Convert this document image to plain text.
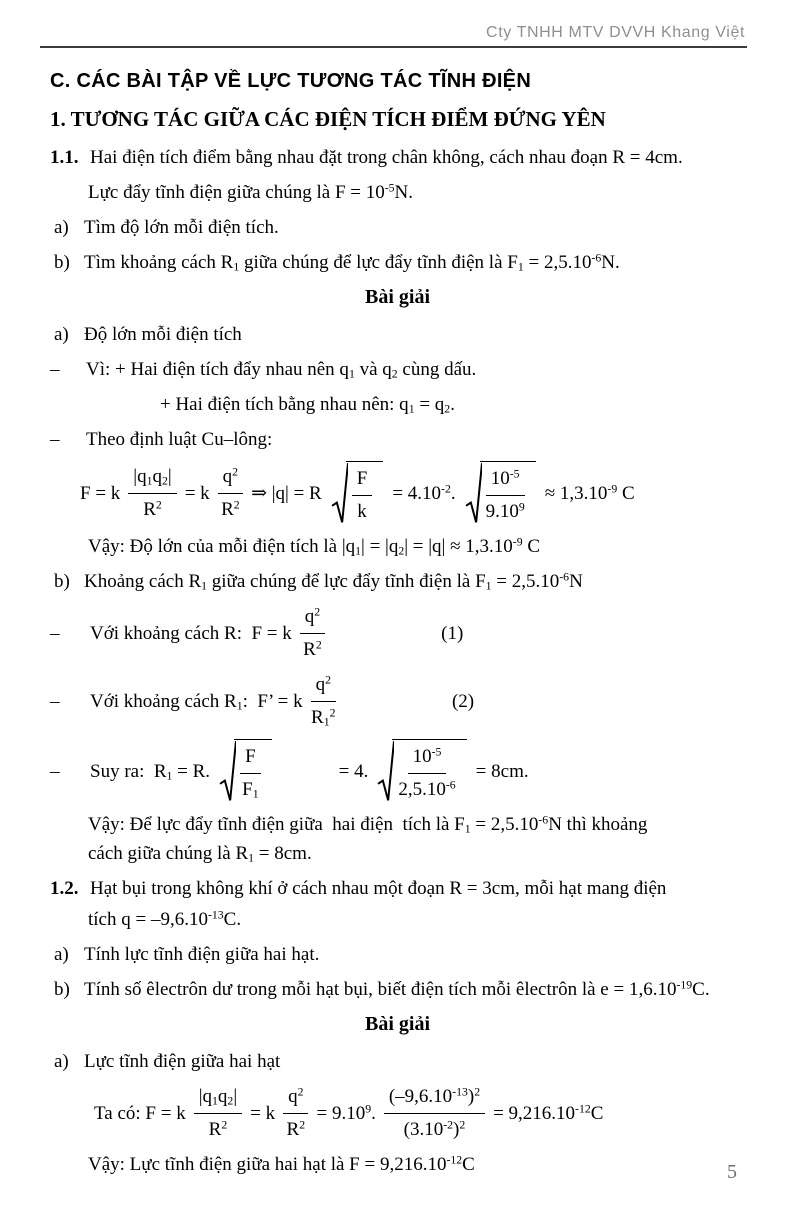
Cty TNHH MTV DVVH Khang Việt
C. CÁC BÀI TẬP VỀ LỰC TƯƠNG TÁC TĨNH ĐIỆN
1. TƯƠNG TÁC GIỮA CÁC ĐIỆN TÍCH ĐIỂM ĐỨNG YÊN
1.1. Hai điện tích điểm bằng nhau đặt trong chân không, cách nhau đoạn R = 4cm.
Lực đẩy tĩnh điện giữa chúng là $F = 10^{-5}N$.
a) Tìm độ lớn mỗi điện tích.
b) Tìm khoảng cách $R_1$ giữa chúng để lực đẩy tĩnh điện là $F_1 = 2,5.10^{-6}N$.
Bài giải
a) Độ lớn mỗi điện tích
–	Vì: + Hai điện tích đẩy nhau nên $q_1$ và $q_2$ cùng dấu.
+ Hai điện tích bằng nhau nên: $q_1 = q_2$.
–	Theo định luật Cu–lông:
F = k $\frac{|q_1q_2|}{R^2} = k \frac{q^2}{R^2}$ ⇒ |q| = R $\frac{F}{k} = 4.10^{-2}$. $\frac{10^{-5}}{9.10^9} \approx 1,3.10^{-9}$ C
Vậy: Độ lớn của mỗi điện tích là $|q_1| = |q_2| = |q| \approx 1,3.10^{-9}$ C
b) Khoảng cách $R_1$ giữa chúng để lực đẩy tĩnh điện là $F_1 = 2,5.10^{-6}N$
–	Với khoảng cách R:  F = k $\frac{q^2}{R^2}$	(1)
–	Với khoảng cách $R_1$:  F’ = k $\frac{q^2}{R_1^2}$	(2)
–	Suy ra:  $R_1 = R$. $\frac{F}{F_1}$	= 4. $\frac{10^{-5}}{2,5.10^{-6}} = 8cm$.
Vậy: Để lực đẩy tĩnh điện giữa  hai điện  tích là $F_1 = 2,5.10^{-6}N$ thì khoảng
cách giữa chúng là $R_1 = 8cm$.
1.2. Hạt bụi trong không khí ở cách nhau một đoạn R = 3cm, mỗi hạt mang điện
tích $q = -9,6.10^{-13}C$.
a) Tính lực tĩnh điện giữa hai hạt.
b) Tính số êlectrôn dư trong mỗi hạt bụi, biết điện tích mỗi êlectrôn là $e = 1,6.10^{-19}C$.
Bài giải
a) Lực tĩnh điện giữa hai hạt
Ta có: F = k $\frac{|q_1q_2|}{R^2} = k \frac{q^2}{R^2} = 9.10^9$. $\frac{(-9,6.10^{-13})^2}{(3.10^{-2})^2} = 9,216.10^{-12}C$
Vậy: Lực tĩnh điện giữa hai hạt là $F = 9,216.10^{-12}C$	5
